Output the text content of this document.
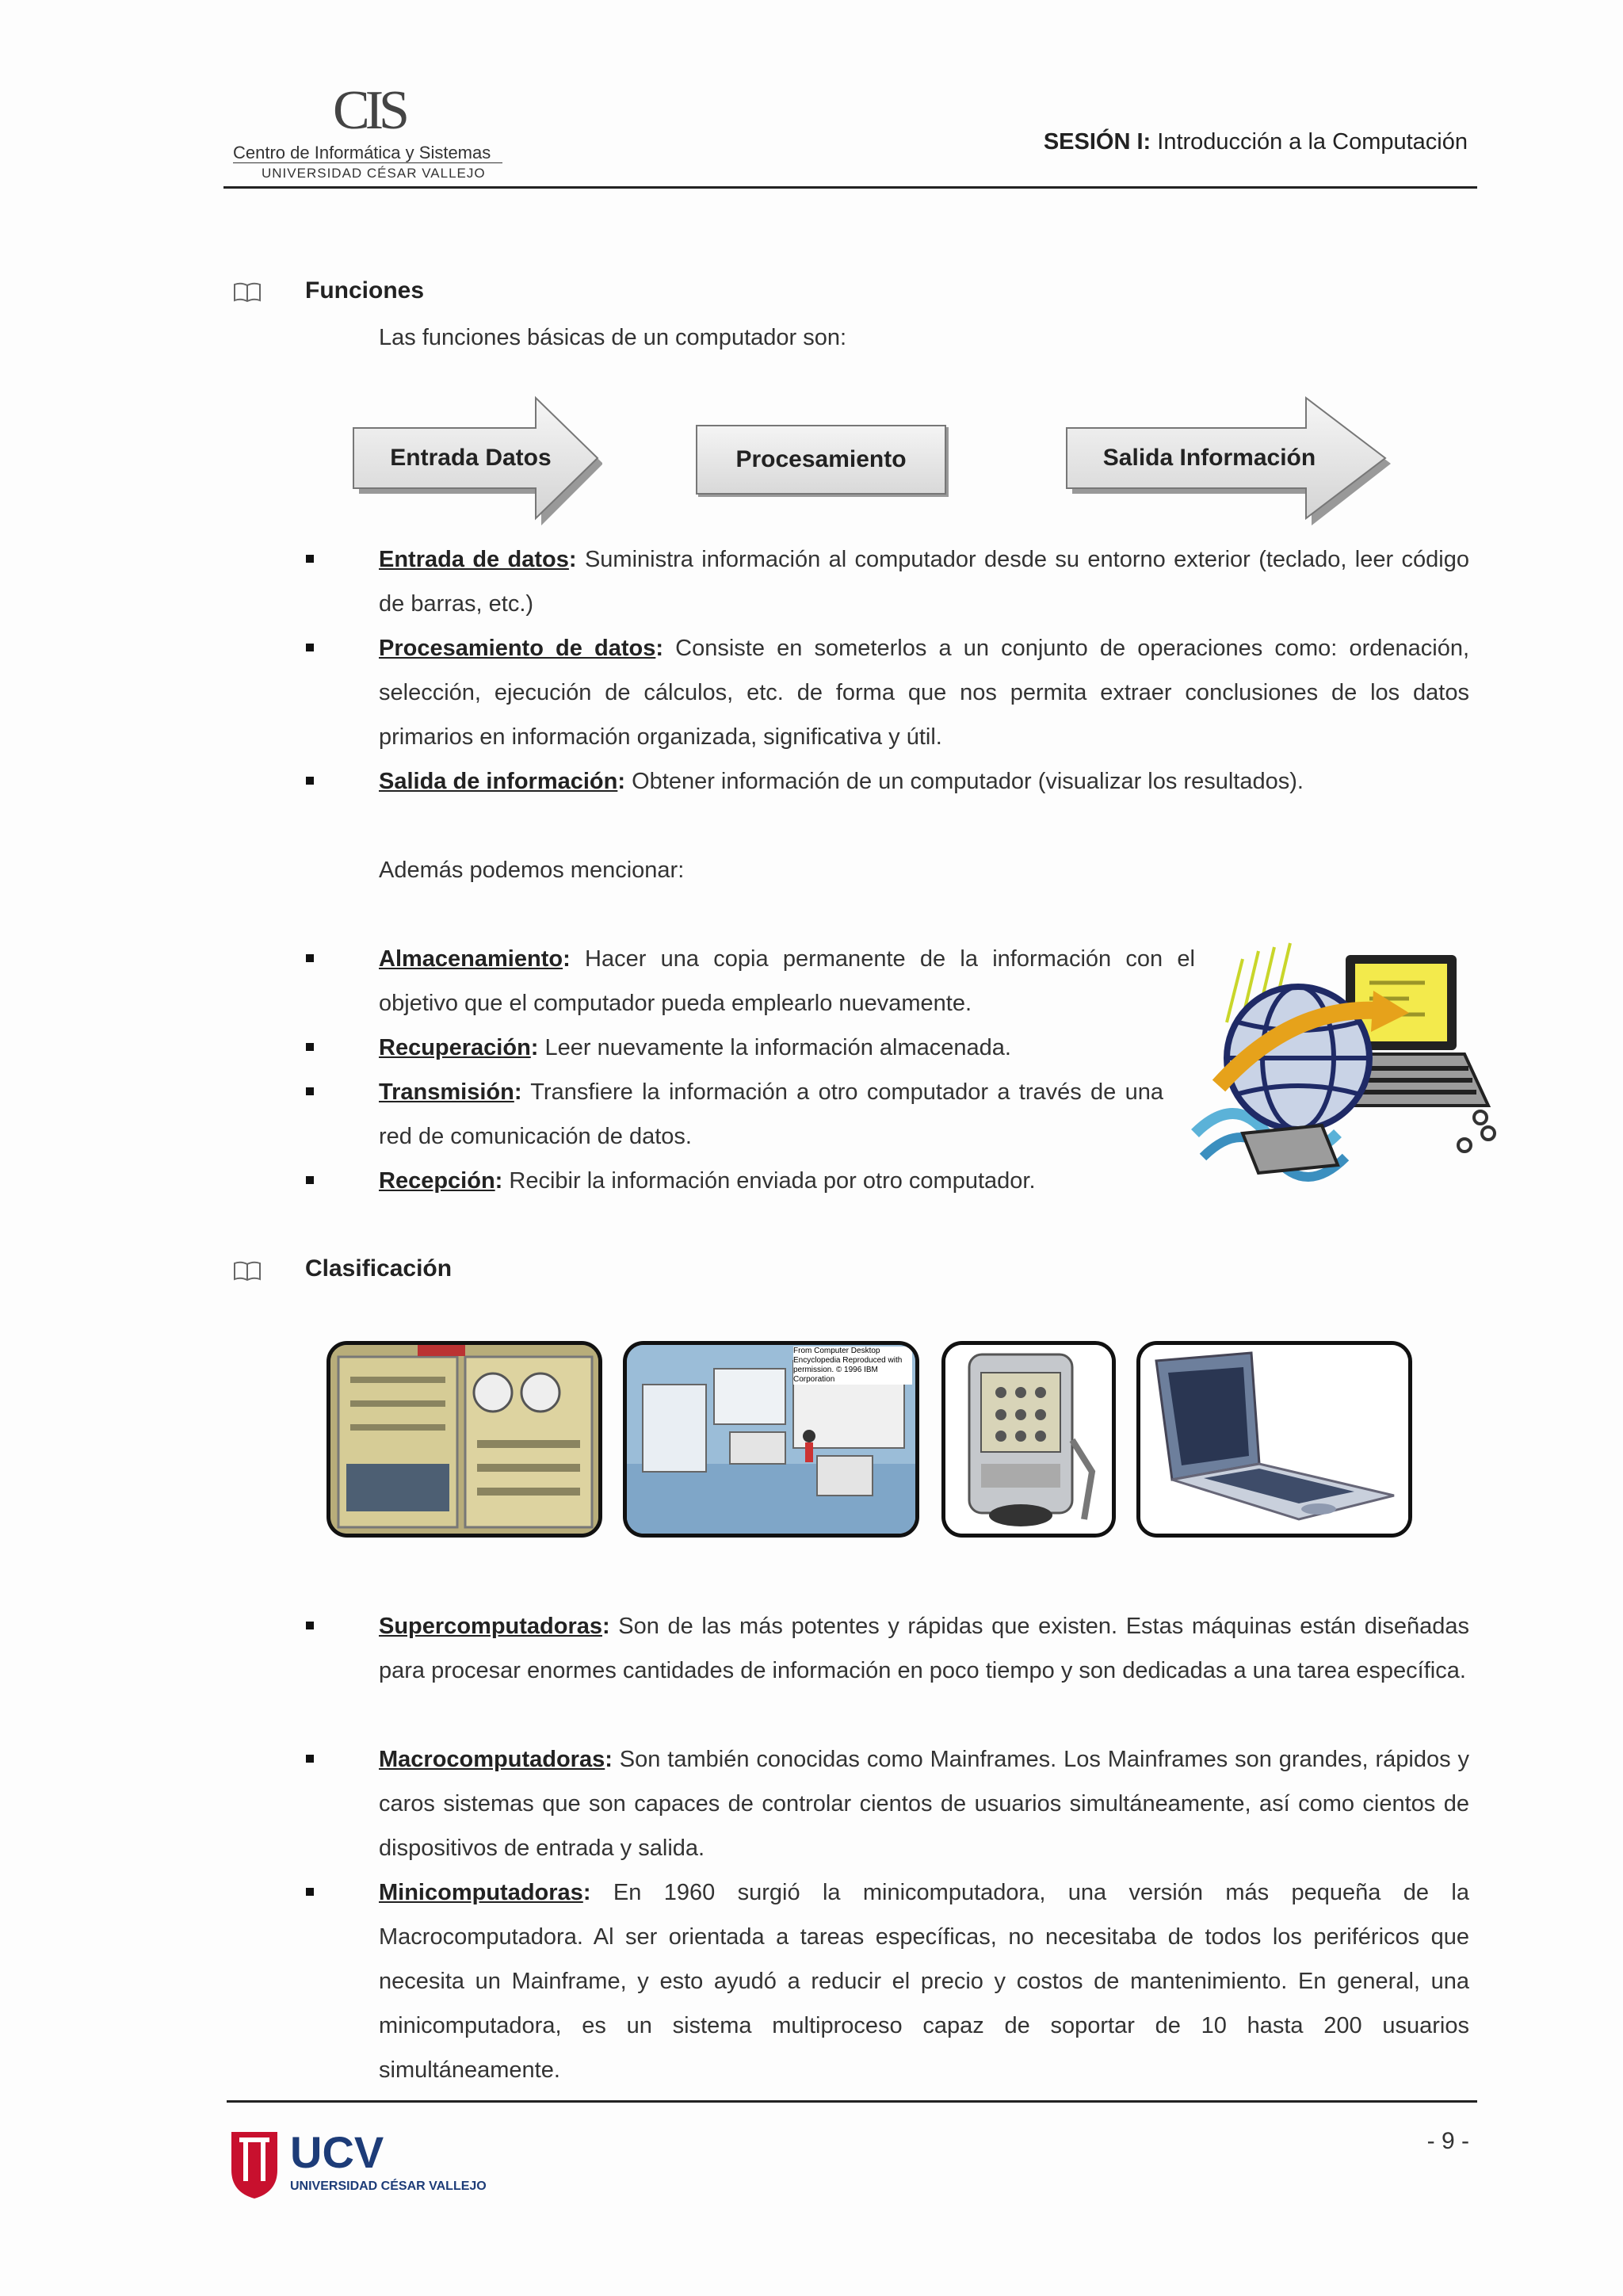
CIS
Centro de Informática y Sistemas
UNIVERSIDAD CÉSAR VALLEJO
SESIÓN I: Introducción a la Computación
Funciones
Las funciones básicas de un computador son:
Entrada Datos	Procesamiento	Salida Información
Entrada de datos: Suministra información al computador desde su entorno exterior (teclado, leer código de barras, etc.)
Procesamiento de datos: Consiste en someterlos a un conjunto de operaciones como: ordenación, selección, ejecución de cálculos, etc. de forma que nos permita extraer conclusiones de los datos primarios en información organizada, significativa y útil.
Salida de información: Obtener información de un computador (visualizar los resultados).
Además podemos mencionar:
Almacenamiento: Hacer una copia permanente de la información con el objetivo que el computador pueda emplearlo nuevamente.
Recuperación: Leer nuevamente la información almacenada.
Transmisión: Transfiere la información a otro computador a través de una red de comunicación de datos.
Recepción: Recibir la información enviada por otro computador.
Clasificación
From Computer Desktop Encyclopedia Reproduced with permission. © 1996 IBM Corporation
Supercomputadoras: Son de las más potentes y rápidas que existen. Estas máquinas están diseñadas para procesar enormes cantidades de información en poco tiempo y son dedicadas a una tarea específica.
Macrocomputadoras: Son también conocidas como Mainframes. Los Mainframes son grandes, rápidos y caros sistemas que son capaces de controlar cientos de usuarios simultáneamente, así como cientos de dispositivos de entrada y salida.
Minicomputadoras: En 1960 surgió la minicomputadora, una versión más pequeña de la Macrocomputadora. Al ser orientada a tareas específicas, no necesitaba de todos los periféricos que necesita un Mainframe, y esto ayudó a reducir el precio y costos de mantenimiento. En general, una minicomputadora, es un sistema multiproceso capaz de soportar de 10 hasta 200 usuarios simultáneamente.
UCV
UNIVERSIDAD CÉSAR VALLEJO
- 9 -
